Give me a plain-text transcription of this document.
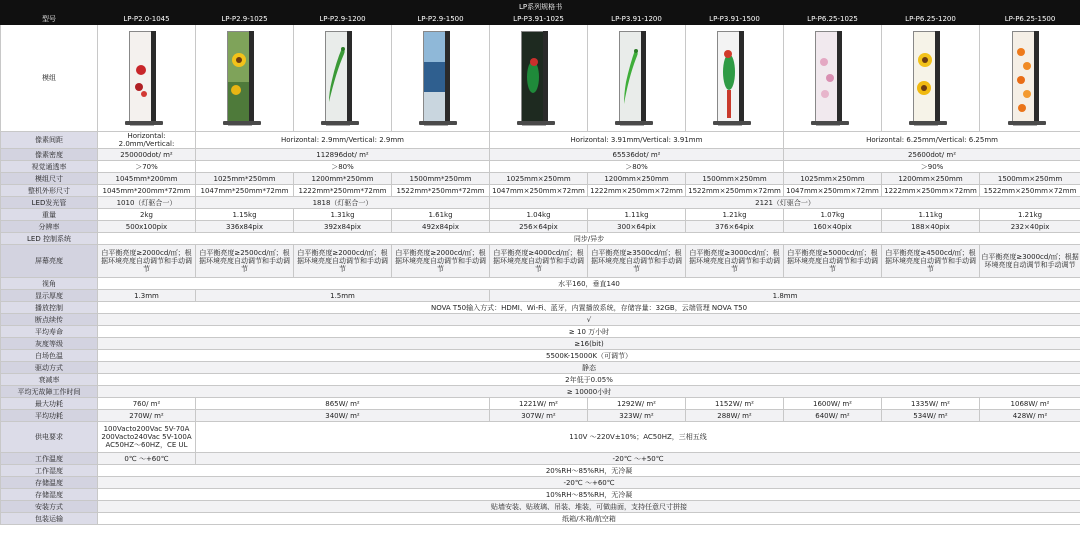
LP系列规格书										
型号	LP-P2.0-1045	LP-P2.9-1025	LP-P2.9-1200	LP-P2.9-1500	LP-P3.91-1025	LP-P3.91-1200	LP-P3.91-1500	LP-P6.25-1025	LP-P6.25-1200	LP-P6.25-1500
模组	

像素间距	Horizontal: 2.0mm/Vertical:	Horizontal: 2.9mm/Vertical: 2.9mm			Horizontal: 3.91mm/Vertical: 3.91mm			Horizontal: 6.25mm/Vertical: 6.25mm		
像素密度	250000dot/ m²	112896dot/ m²			65536dot/ m²			25600dot/ m²		
视觉通透率	＞70%	＞80%			＞80%			＞90%		
模组尺寸	1045mm*200mm	1025mm*250mm	1200mm*250mm	1500mm*250mm	1025mm×250mm	1200mm×250mm	1500mm×250mm	1025mm×250mm	1200mm×250mm	1500mm×250mm
整机外形尺寸	1045mm*200mm*72mm	1047mm*250mm*72mm	1222mm*250mm*72mm	1522mm*250mm*72mm	1047mm×250mm×72mm	1222mm×250mm×72mm	1522mm×250mm×72mm	1047mm×250mm×72mm	1222mm×250mm×72mm	1522mm×250mm×72mm
LED发光管	1010（灯驱合一）	1818（灯驱合一）			2121（灯驱合一）					
重量	2kg	1.15kg	1.31kg	1.61kg	1.04kg	1.11kg	1.21kg	1.07kg	1.11kg	1.21kg
分辨率	500x100pix	336x84pix	392x84pix	492x84pix	256×64pix	300×64pix	376×64pix	160×40pix	188×40pix	232×40pix
LED 控制系统	同步/异步									
屏幕亮度	白平衡亮度≥2000cd/㎡；根据环境亮度自动调节和手动调节	白平衡亮度≥2500cd/㎡；根据环境亮度自动调节和手动调节	白平衡亮度≥2000cd/㎡；根据环境亮度自动调节和手动调节	白平衡亮度≥2000cd/㎡；根据环境亮度自动调节和手动调节	白平衡亮度≥4000cd/㎡；根据环境亮度自动调节和手动调节	白平衡亮度≥3500cd/㎡；根据环境亮度自动调节和手动调节	白平衡亮度≥3000cd/㎡；根据环境亮度自动调节和手动调节	白平衡亮度≥5000cd/㎡；根据环境亮度自动调节和手动调节	白平衡亮度≥4500cd/㎡；根据环境亮度自动调节和手动调节	白平衡亮度≥3000cd/㎡；根据环境亮度自动调节和手动调节
视角	水平160，垂直140									
显示厚度	1.3mm	1.5mm			1.8mm					
播放控制	NOVA T50输入方式：HDMI、Wi-Fi、蓝牙，内置播放系统，存储容量：32GB，云端管理 NOVA T50									
断点续传	√									
平均寿命	≥ 10 万小时									
灰度等级	≥16(bit)									
白场色温	5500K-15000K（可调节）									
驱动方式	静态									
衰减率	2年低于0.05%									
平均无故障工作时间	≥ 10000小时									
最大功耗	760/ m²	865W/ m²			1221W/ m²	1292W/ m²	1152W/ m²	1600W/ m²	1335W/ m²	1068W/ m²
平均功耗	270W/ m²	340W/ m²			307W/ m²	323W/ m²	288W/ m²	640W/ m²	534W/ m²	428W/ m²
供电要求	100Vacto200Vac 5V-70A 200Vacto240Vac 5V-100A AC50HZ～60HZ，CE UL	110V ～220V±10%；AC50HZ，三相五线								
工作温度	0℃ ～+60℃	-20℃ ～+50℃								
工作湿度	20%RH～85%RH，无冷凝									
存储温度	-20℃ ～+60℃									
存储湿度	10%RH～85%RH，无冷凝									
安装方式	贴墙安装、贴玻璃、吊装、堆装，可做曲面，支持任意尺寸拼接									
包装运输	纸箱/木箱/航空箱									
